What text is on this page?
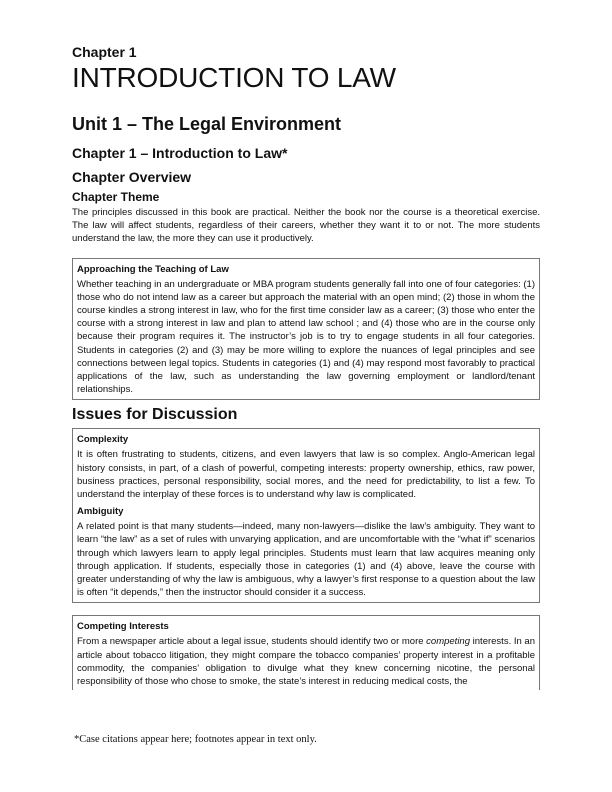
Chapter 1
INTRODUCTION TO LAW
Unit 1 – The Legal Environment
Chapter 1 – Introduction to Law*
Chapter Overview
Chapter Theme

The principles discussed in this book are practical. Neither the book nor the course is a theoretical exercise. The law will affect students, regardless of their careers, whether they want it to or not. The more students understand the law, the more they can use it productively.

Approaching the Teaching of Law

Whether teaching in an undergraduate or MBA program students generally fall into one of four categories: (1) those who do not intend law as a career but approach the material with an open mind; (2) those in whom the course kindles a strong interest in law, who for the first time consider law as a career; (3) those who enter the course with a strong interest in law and plan to attend law school ; and (4) those who are in the course only because their program requires it. The instructor’s job is to try to engage students in all four categories. Students in categories (2) and (3) may be more willing to explore the nuances of legal principles and see connections between legal topics. Students in categories (1) and (4) may respond most favorably to practical applications of the law, such as understanding the law governing employment or landlord/tenant relationships.

Issues for Discussion
Complexity

It is often frustrating to students, citizens, and even lawyers that law is so complex. Anglo-American legal history consists, in part, of a clash of powerful, competing interests: property ownership, ethics, raw power, business practices, personal responsibility, social mores, and the need for predictability, to list a few. To understand the interplay of these forces is to understand why law is complicated.

Ambiguity

A related point is that many students—indeed, many non-lawyers—dislike the law’s ambiguity. They want to learn “the law” as a set of rules with unvarying application, and are uncomfortable with the “what if” scenarios through which lawyers learn to apply legal principles. Students must learn that law acquires meaning only through application. If students, especially those in categories (1) and (4) above, leave the course with greater understanding of why the law is ambiguous, why a lawyer’s first response to a question about the law is often “it depends,” then the instructor should consider it a success.

Competing Interests

From a newspaper article about a legal issue, students should identify two or more competing interests. In an article about tobacco litigation, they might compare the tobacco companies’ property interest in a profitable commodity, the companies’ obligation to divulge what they knew concerning nicotine, the personal responsibility of those who chose to smoke, the state’s interest in reducing medical costs, the

*Case citations appear here; footnotes appear in text only.
